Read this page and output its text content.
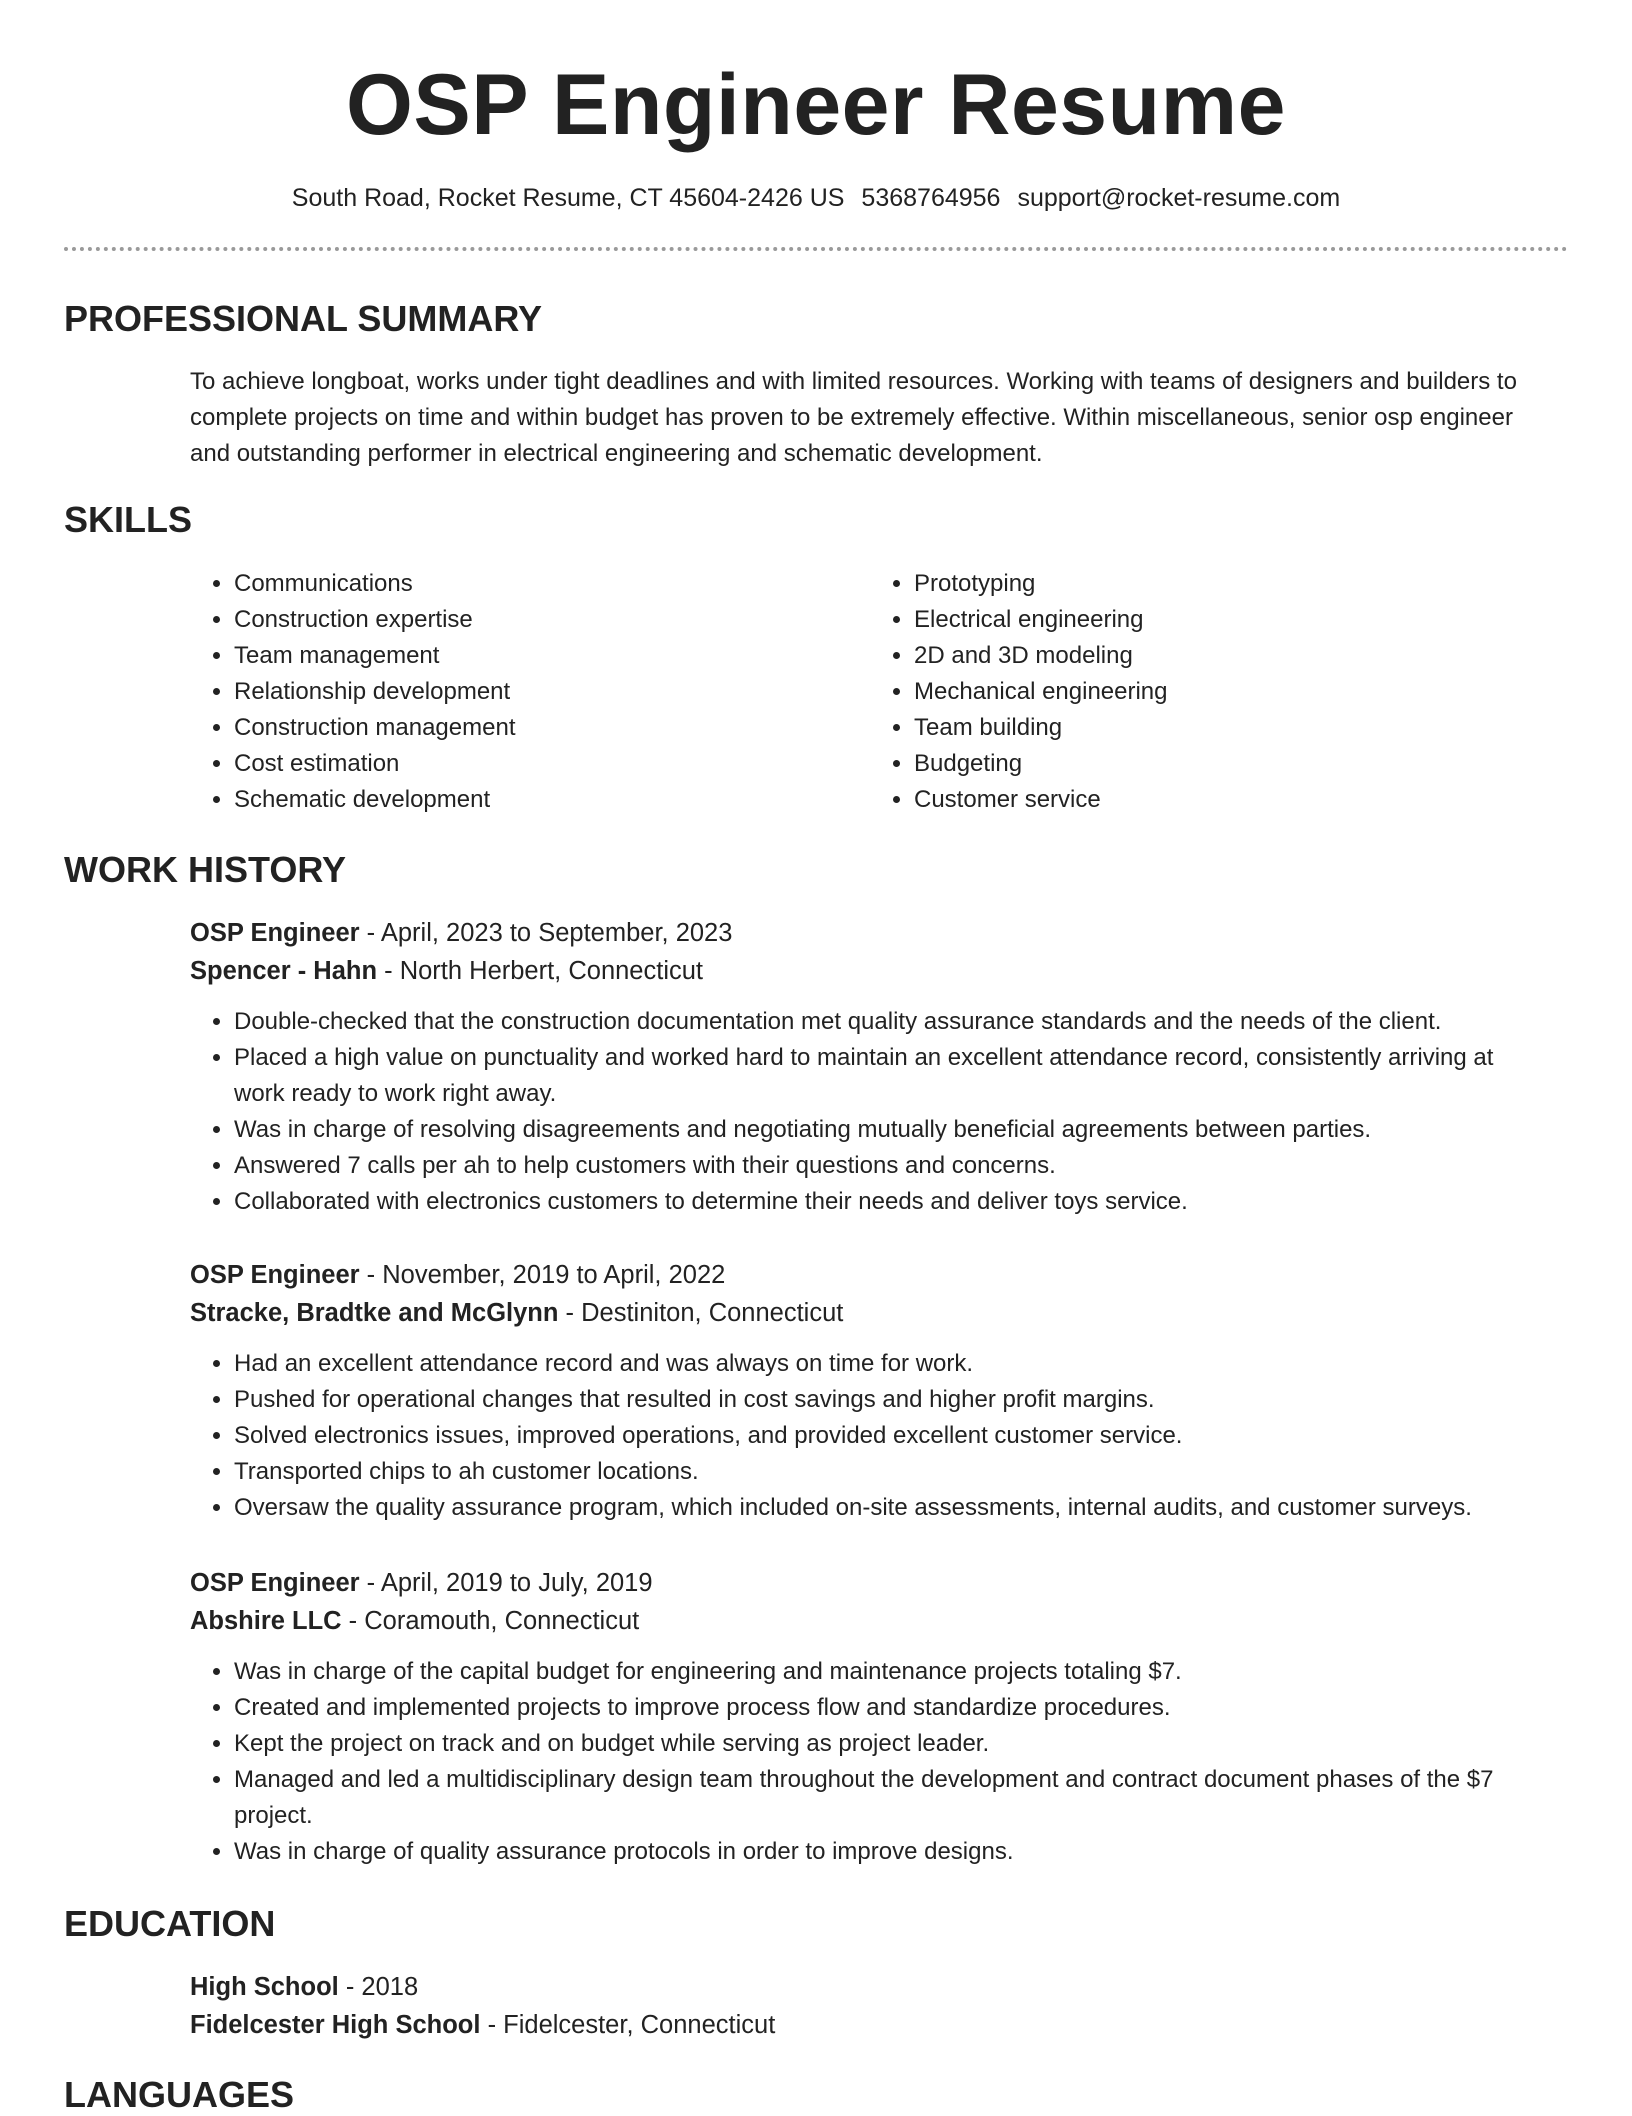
OSP Engineer Resume
South Road, Rocket Resume, CT 45604-2426 US 5368764956 support@rocket-resume.com
PROFESSIONAL SUMMARY
To achieve longboat, works under tight deadlines and with limited resources. Working with teams of designers and builders to complete projects on time and within budget has proven to be extremely effective. Within miscellaneous, senior osp engineer and outstanding performer in electrical engineering and schematic development.
SKILLS
• Communications
• Construction expertise
• Team management
• Relationship development
• Construction management
• Cost estimation
• Schematic development
• Prototyping
• Electrical engineering
• 2D and 3D modeling
• Mechanical engineering
• Team building
• Budgeting
• Customer service
WORK HISTORY
OSP Engineer - April, 2023 to September, 2023
Spencer - Hahn - North Herbert, Connecticut
• Double-checked that the construction documentation met quality assurance standards and the needs of the client.
• Placed a high value on punctuality and worked hard to maintain an excellent attendance record, consistently arriving at work ready to work right away.
• Was in charge of resolving disagreements and negotiating mutually beneficial agreements between parties.
• Answered 7 calls per ah to help customers with their questions and concerns.
• Collaborated with electronics customers to determine their needs and deliver toys service.
OSP Engineer - November, 2019 to April, 2022
Stracke, Bradtke and McGlynn - Destiniton, Connecticut
• Had an excellent attendance record and was always on time for work.
• Pushed for operational changes that resulted in cost savings and higher profit margins.
• Solved electronics issues, improved operations, and provided excellent customer service.
• Transported chips to ah customer locations.
• Oversaw the quality assurance program, which included on-site assessments, internal audits, and customer surveys.
OSP Engineer - April, 2019 to July, 2019
Abshire LLC - Coramouth, Connecticut
• Was in charge of the capital budget for engineering and maintenance projects totaling $7.
• Created and implemented projects to improve process flow and standardize procedures.
• Kept the project on track and on budget while serving as project leader.
• Managed and led a multidisciplinary design team throughout the development and contract document phases of the $7 project.
• Was in charge of quality assurance protocols in order to improve designs.
EDUCATION
High School - 2018
Fidelcester High School - Fidelcester, Connecticut
LANGUAGES
